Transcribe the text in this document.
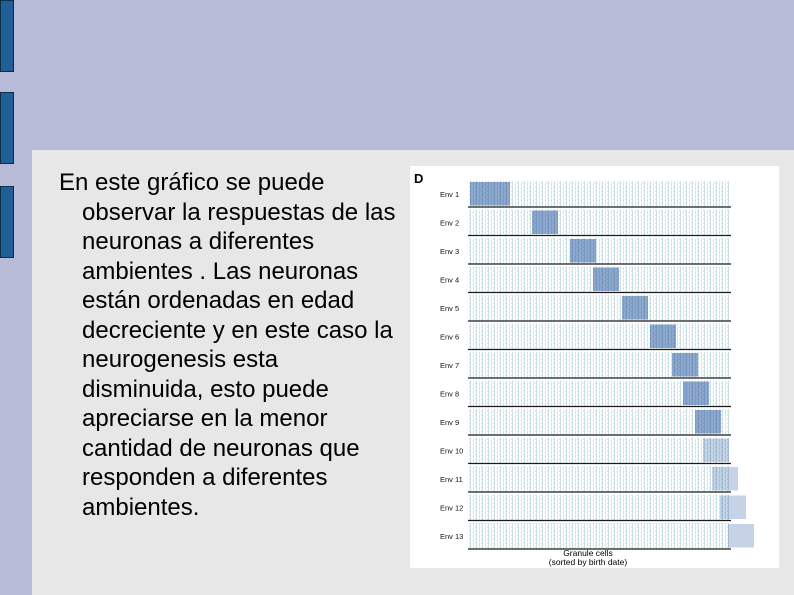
En este gráfico se puede observar la respuestas de las neuronas a diferentes ambientes . Las neuronas están ordenadas en edad decreciente y en este caso la neurogenesis esta disminuida, esto puede apreciarse en la menor cantidad de neuronas que responden a diferentes ambientes.

D
Env 1
Env 2
Env 3
Env 4
Env 5
Env 6
Env 7
Env 8
Env 9
Env 10
Env 11
Env 12
Env 13
Granule cells
(sorted by birth date)
